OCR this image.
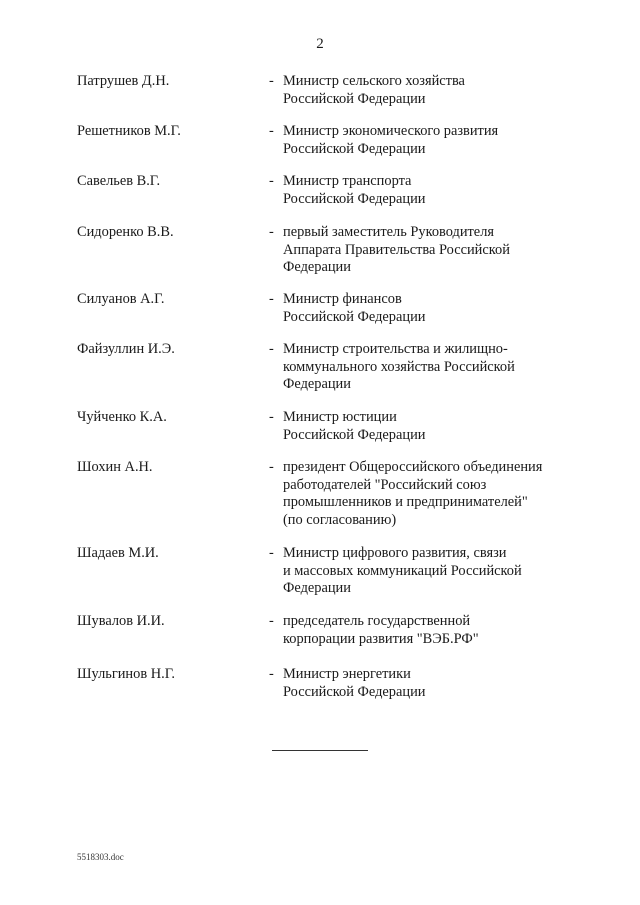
2
Патрушев Д.Н.	- Министр сельского хозяйства
Российской Федерации
Решетников М.Г.	- Министр экономического развития
Российской Федерации
Савельев В.Г.	- Министр транспорта
Российской Федерации
Сидоренко В.В.	- первый заместитель Руководителя
Аппарата Правительства Российской
Федерации
Силуанов А.Г.	- Министр финансов
Российской Федерации
Файзуллин И.Э.	- Министр строительства и жилищно-
коммунального хозяйства Российской
Федерации
Чуйченко К.А.	- Министр юстиции
Российской Федерации
Шохин А.Н.	- президент Общероссийского объединения
работодателей "Российский союз
промышленников и предпринимателей"
(по согласованию)
Шадаев М.И.	- Министр цифрового развития, связи
и массовых коммуникаций Российской
Федерации
Шувалов И.И.	- председатель государственной
корпорации развития "ВЭБ.РФ"
Шульгинов Н.Г.	- Министр энергетики
Российской Федерации
5518303.doc
